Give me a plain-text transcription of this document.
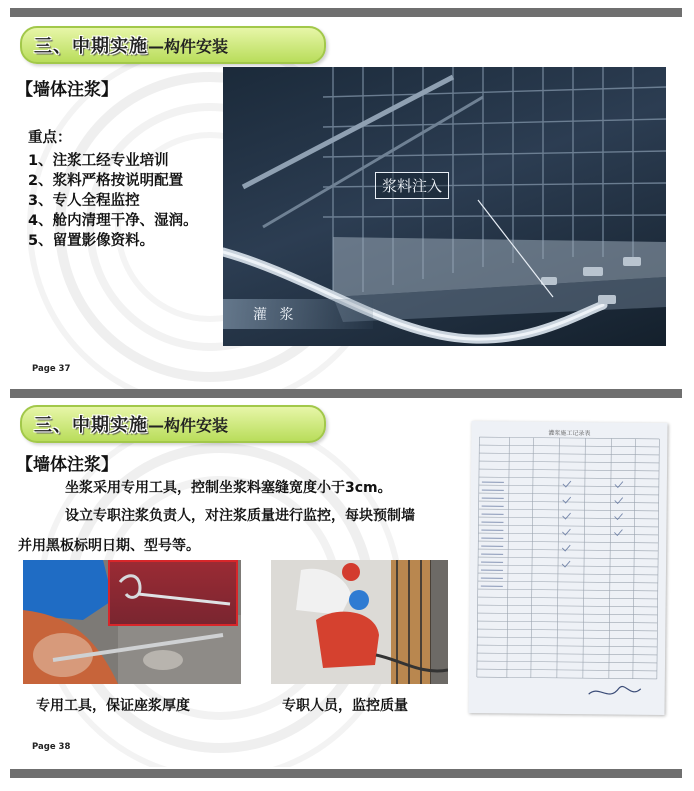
三、中期实施 —构件安装
【墙体注浆】
重点：
1、注浆工经专业培训
2、浆料严格按说明配置
3、专人全程监控
4、舱内清理干净、湿润。
5、留置影像资料。
浆料注入
灌 浆
Page 37
三、中期实施 —构件安装
【墙体注浆】
坐浆采用专用工具，控制坐浆料塞缝宽度小于3cm。
设立专职注浆负责人，对注浆质量进行监控，每块预制墙
并用黑板标明日期、型号等。
专用工具，保证座浆厚度	专职人员，监控质量
灌浆施工记录表
Page 38
